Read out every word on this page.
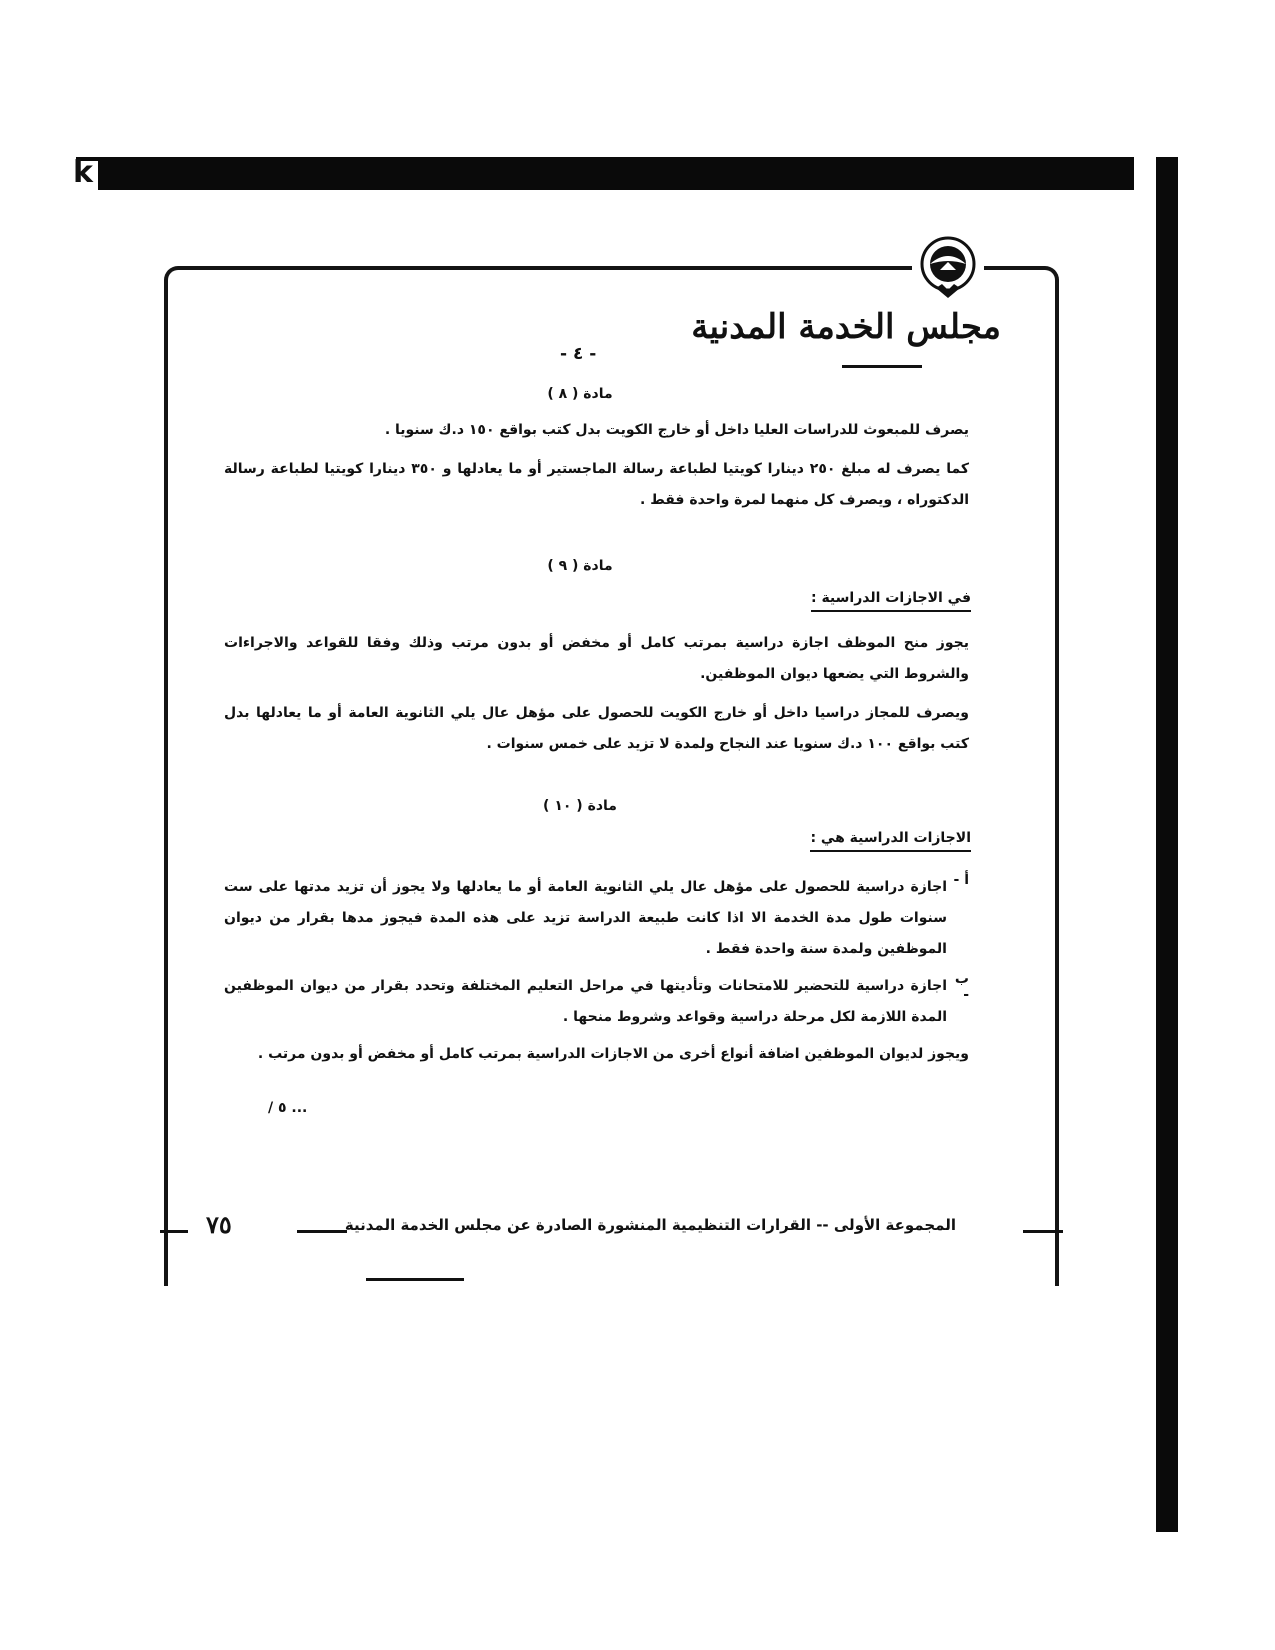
k
مجلس الخدمة المدنية
- ٤ -
مادة ( ٨ )

يصرف للمبعوث للدراسات العليا داخل أو خارج الكويت بدل كتب بواقع ١٥٠ د.ك سنويا .

كما يصرف له مبلغ ٢٥٠ دينارا كويتيا لطباعة رسالة الماجستير أو ما يعادلها و ٣٥٠ دينارا كويتيا لطباعة رسالة الدكتوراه ، ويصرف كل منهما لمرة واحدة فقط .

مادة ( ٩ )
في الاجازات الدراسية :

يجوز منح الموظف اجازة دراسية بمرتب كامل أو مخفض أو بدون مرتب وذلك وفقا للقواعد والاجراءات والشروط التي يضعها ديوان الموظفين.

ويصرف للمجاز دراسيا داخل أو خارج الكويت للحصول على مؤهل عال يلي الثانوية العامة أو ما يعادلها بدل كتب بواقع ١٠٠ د.ك سنويا عند النجاح ولمدة لا تزيد على خمس سنوات .

مادة ( ١٠ )
الاجازات الدراسية هي :
أ -
اجازة دراسية للحصول على مؤهل عال يلي الثانوية العامة أو ما يعادلها ولا يجوز أن تزيد مدتها على ست سنوات طول مدة الخدمة الا اذا كانت طبيعة الدراسة تزيد على هذه المدة فيجوز مدها بقرار من ديوان الموظفين ولمدة سنة واحدة فقط .
ب -
اجازة دراسية للتحضير للامتحانات وتأديتها في مراحل التعليم المختلفة وتحدد بقرار من ديوان الموظفين المدة اللازمة لكل مرحلة دراسية وقواعد وشروط منحها .

ويجوز لديوان الموظفين اضافة أنواع أخرى من الاجازات الدراسية بمرتب كامل أو مخفض أو بدون مرتب .

/ ٥ ...
٧٥	المجموعة الأولى -- القرارات التنظيمية المنشورة الصادرة عن مجلس الخدمة المدنية
